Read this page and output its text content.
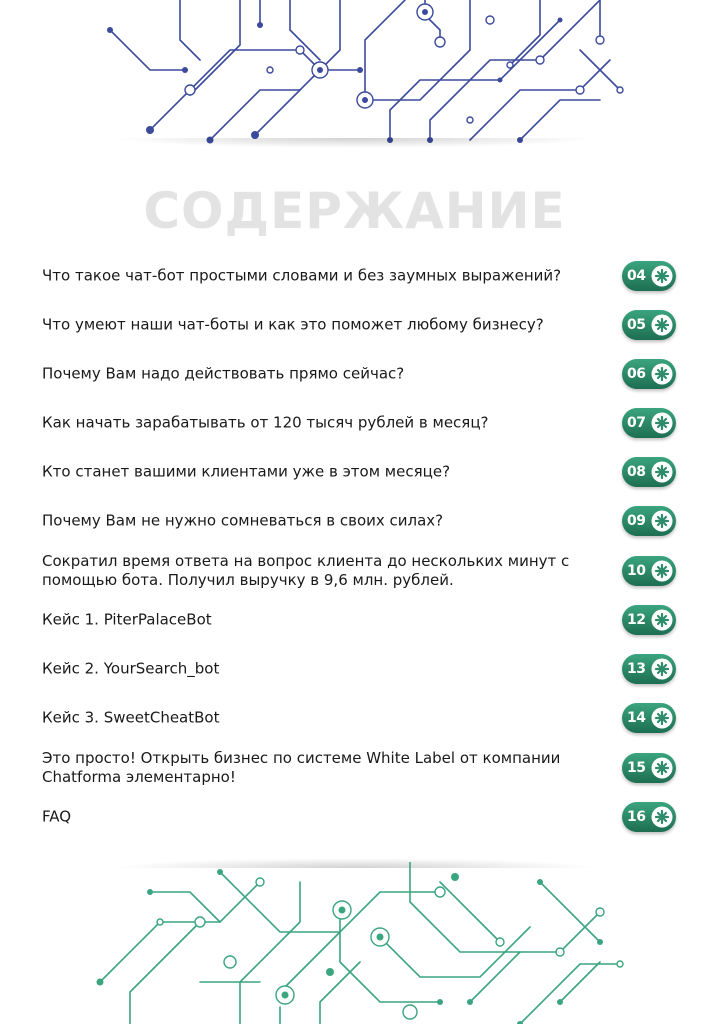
СОДЕРЖАНИЕ
Что такое чат-бот простыми словами и без заумных выражений?	04
Что умеют наши чат-боты и как это поможет любому бизнесу?	05
Почему Вам надо действовать прямо сейчас?	06
Как начать зарабатывать от 120 тысяч рублей в месяц?	07
Кто станет вашими клиентами уже в этом месяце?	08
Почему Вам не нужно сомневаться в своих силах?	09
Сократил время ответа на вопрос клиента до нескольких минут с помощью бота. Получил выручку в 9,6 млн. рублей.	10
Кейс 1. PiterPalaceBot	12
Кейс 2. YourSearch_bot	13
Кейс 3. SweetCheatBot	14
Это просто! Открыть бизнес по системе White Label от компании Chatforma элементарно!	15
FAQ	16
